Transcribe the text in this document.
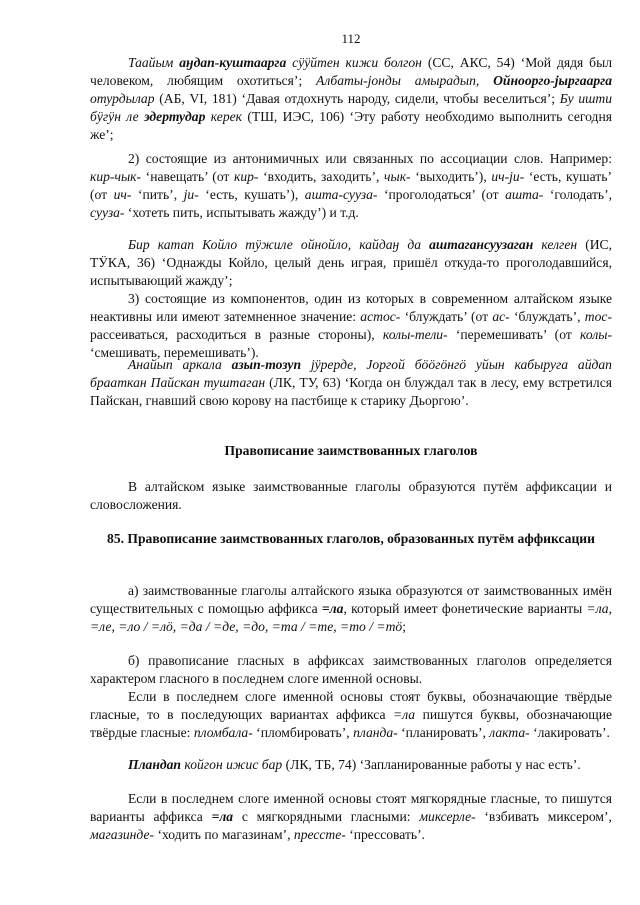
112
Таайым аӈдап-куштаарга сӱӱйтен кижи болгон (СС, АКС, 54) ‘Мой дядя был человеком, любящим охотиться’; Албаты-јонды амырадып, Ойноорго-јыргаарга отурдылар (АБ, VI, 181) ‘Давая отдохнуть народу, сидели, чтобы веселиться’; Бу ишти бӱгӱн ле эдертудар керек (ТШ, ИЭС, 106) ‘Эту работу необходимо выполнить сегодня же’;
2) состоящие из антонимичных или связанных по ассоциации слов. Например: кир-чык- ‘навещать’ (от кир- ‘входить, заходить’, чык- ‘выходить’), ич-јu- ‘есть, кушать’ (от ич- ‘пить’, јu- ‘есть, кушать’), аштa-сууза- ‘проголодаться’ (от аштa- ‘голодать’, сууза- ‘хотеть пить, испытывать жажду’) и т.д.
Бир катап Койло тӱжиле ойнойло, кайдаӈ да аштагансуузаган келген (ИС, ТӰКА, 36) ‘Однажды Койло, целый день играя, пришёл откуда-то проголодавшийся, испытывающий жажду’;
3) состоящие из компонентов, один из которых в современном алтайском языке неактивны или имеют затемненное значение: астос- ‘блуждать’ (от ас- ‘блуждать’, тос- рассеиваться, расходиться в разные стороны), колы-тели- ‘перемешивать’ (от колы- ‘смешивать, перемешивать’).
Анайып аркала азып-тозуп јӱрерде, Јоргой бӧӧгӧнгӧ уйын кабыруга айдап брааткан Пайскан туштаган (ЛК, ТУ, 63) ‘Когда он блуждал так в лесу, ему встретился Пайскан, гнавший свою корову на пастбище к старику Дьоргою’.
Правописание заимствованных глаголов
В алтайском языке заимствованные глаголы образуются путём аффиксации и словосложения.
85. Правописание заимствованных глаголов, образованных путём аффиксации
а) заимствованные глаголы алтайского языка образуются от заимствованных имён существительных с помощью аффикса =ла, который имеет фонетические варианты =ла, =ле, =ло / =лӧ, =да / =де, =до, =та / =те, =то / =тӧ;
б) правописание гласных в аффиксах заимствованных глаголов определяется характером гласного в последнем слоге именной основы.
Если в последнем слоге именной основы стоят буквы, обозначающие твёрдые гласные, то в последующих вариантах аффикса =ла пишутся буквы, обозначающие твёрдые гласные: пломбала- ‘пломбировать’, планда- ‘планировать’, лакта- ‘лакировать’.
Пландап койгон ижис бар (ЛК, ТБ, 74) ‘Запланированные работы у нас есть’.
Если в последнем слоге именной основы стоят мягкорядные гласные, то пишутся варианты аффикса =ла с мягкорядными гласными: миксерле- ‘взбивать миксером’, магазинде- ‘ходить по магазинам’, пресcте- ‘прессовать’.
